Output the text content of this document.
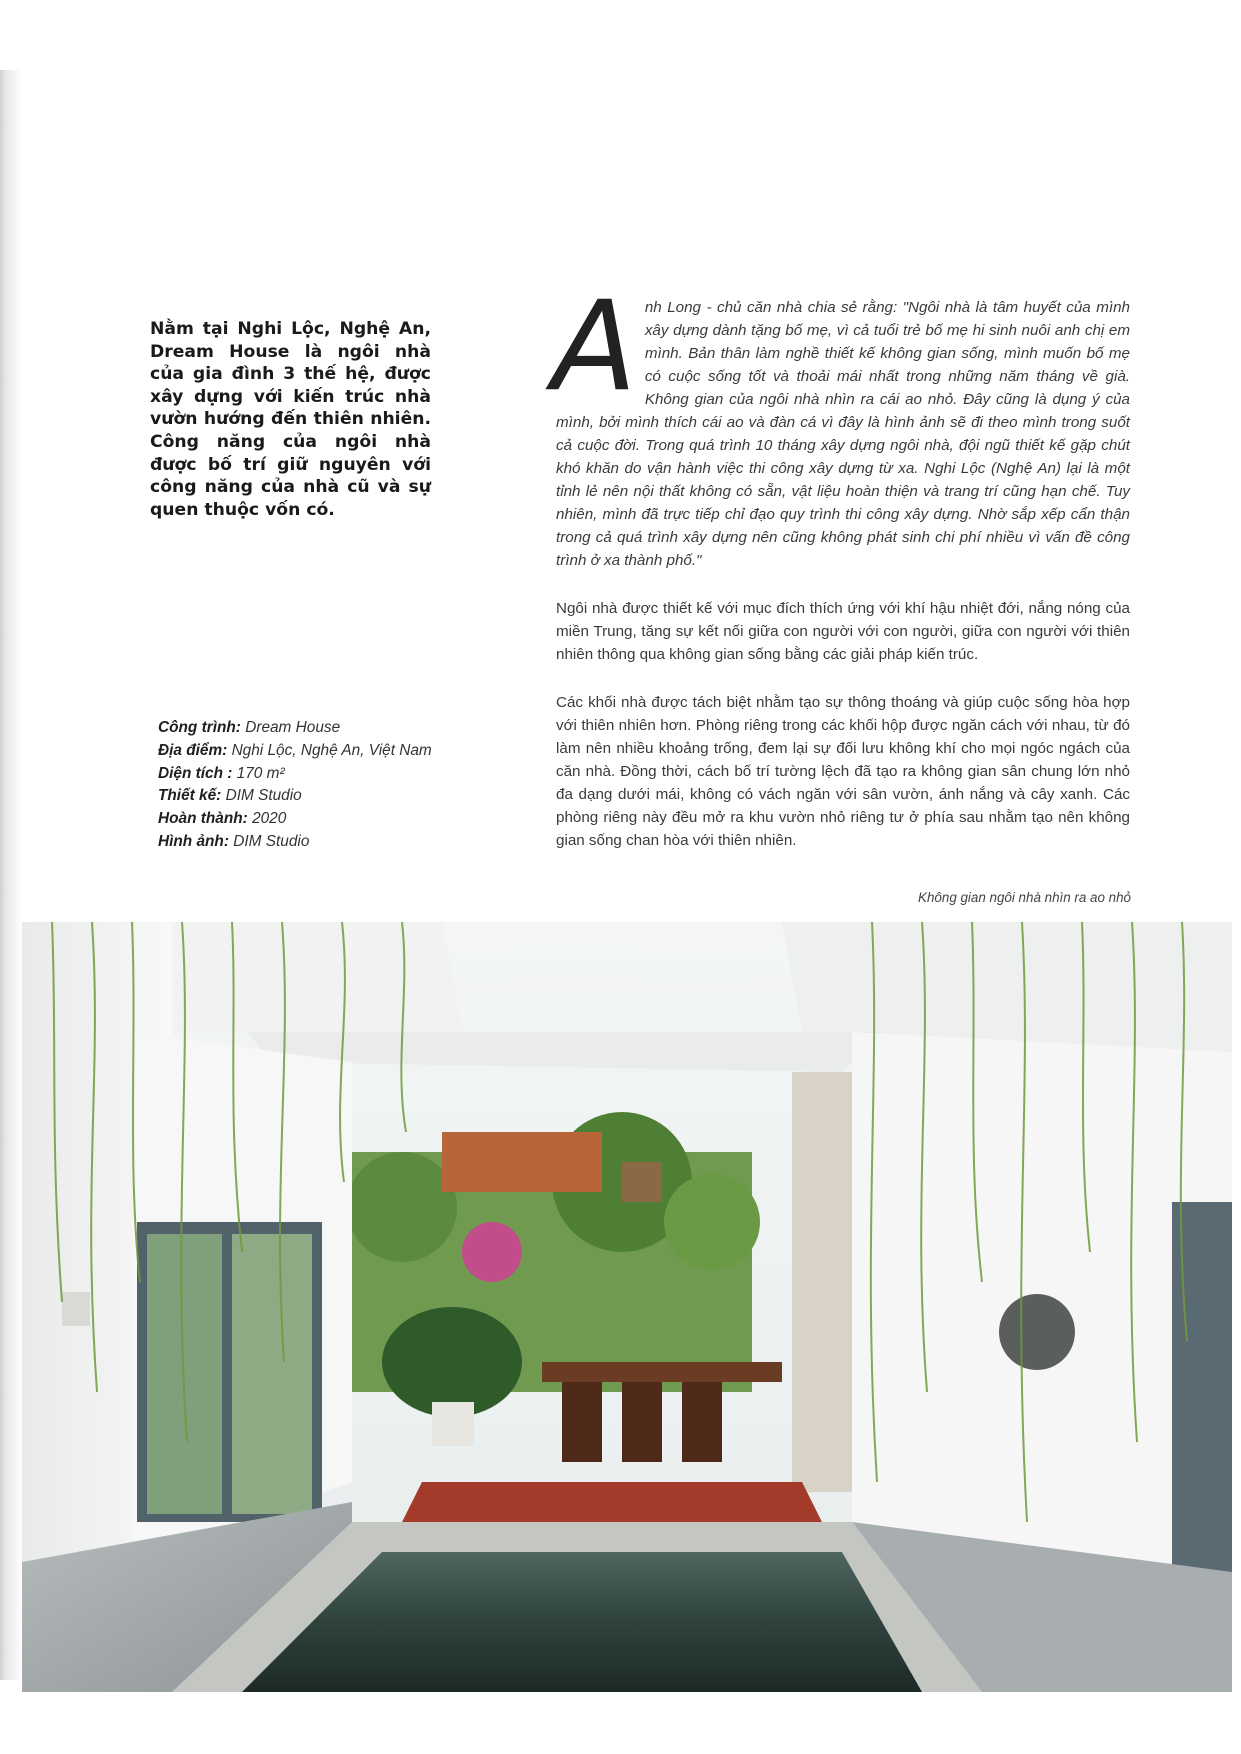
Nằm tại Nghi Lộc, Nghệ An, Dream House là ngôi nhà của gia đình 3 thế hệ, được xây dựng với kiến trúc nhà vườn hướng đến thiên nhiên. Công năng của ngôi nhà được bố trí giữ nguyên với công năng của nhà cũ và sự quen thuộc vốn có.

Công trình: Dream House
Địa điểm: Nghi Lộc, Nghệ An, Việt Nam
Diện tích : 170 m²
Thiết kế: DIM Studio
Hoàn thành: 2020
Hình ảnh: DIM Studio

Anh Long - chủ căn nhà chia sẻ rằng: "Ngôi nhà là tâm huyết của mình xây dựng dành tặng bố mẹ, vì cả tuổi trẻ bố mẹ hi sinh nuôi anh chị em mình. Bản thân làm nghề thiết kế không gian sống, mình muốn bố mẹ có cuộc sống tốt và thoải mái nhất trong những năm tháng về già. Không gian của ngôi nhà nhìn ra cái ao nhỏ. Đây cũng là dụng ý của mình, bởi mình thích cái ao và đàn cá vì đây là hình ảnh sẽ đi theo mình trong suốt cả cuộc đời. Trong quá trình 10 tháng xây dựng ngôi nhà, đội ngũ thiết kế gặp chút khó khăn do vận hành việc thi công xây dựng từ xa. Nghi Lộc (Nghệ An) lại là một tỉnh lẻ nên nội thất không có sẵn, vật liệu hoàn thiện và trang trí cũng hạn chế. Tuy nhiên, mình đã trực tiếp chỉ đạo quy trình thi công xây dựng. Nhờ sắp xếp cẩn thận trong cả quá trình xây dựng nên cũng không phát sinh chi phí nhiều vì vấn đề công trình ở xa thành phố."

Ngôi nhà được thiết kế với mục đích thích ứng với khí hậu nhiệt đới, nắng nóng của miền Trung, tăng sự kết nối giữa con người với con người, giữa con người với thiên nhiên thông qua không gian sống bằng các giải pháp kiến trúc.

Các khối nhà được tách biệt nhằm tạo sự thông thoáng và giúp cuộc sống hòa hợp với thiên nhiên hơn. Phòng riêng trong các khối hộp được ngăn cách với nhau, từ đó làm nên nhiều khoảng trống, đem lại sự đối lưu không khí cho mọi ngóc ngách của căn nhà. Đồng thời, cách bố trí tường lệch đã tạo ra không gian sân chung lớn nhỏ đa dạng dưới mái, không có vách ngăn với sân vườn, ánh nắng và cây xanh. Các phòng riêng này đều mở ra khu vườn nhỏ riêng tư ở phía sau nhằm tạo nên không gian sống chan hòa với thiên nhiên.

Không gian ngôi nhà nhìn ra ao nhỏ
